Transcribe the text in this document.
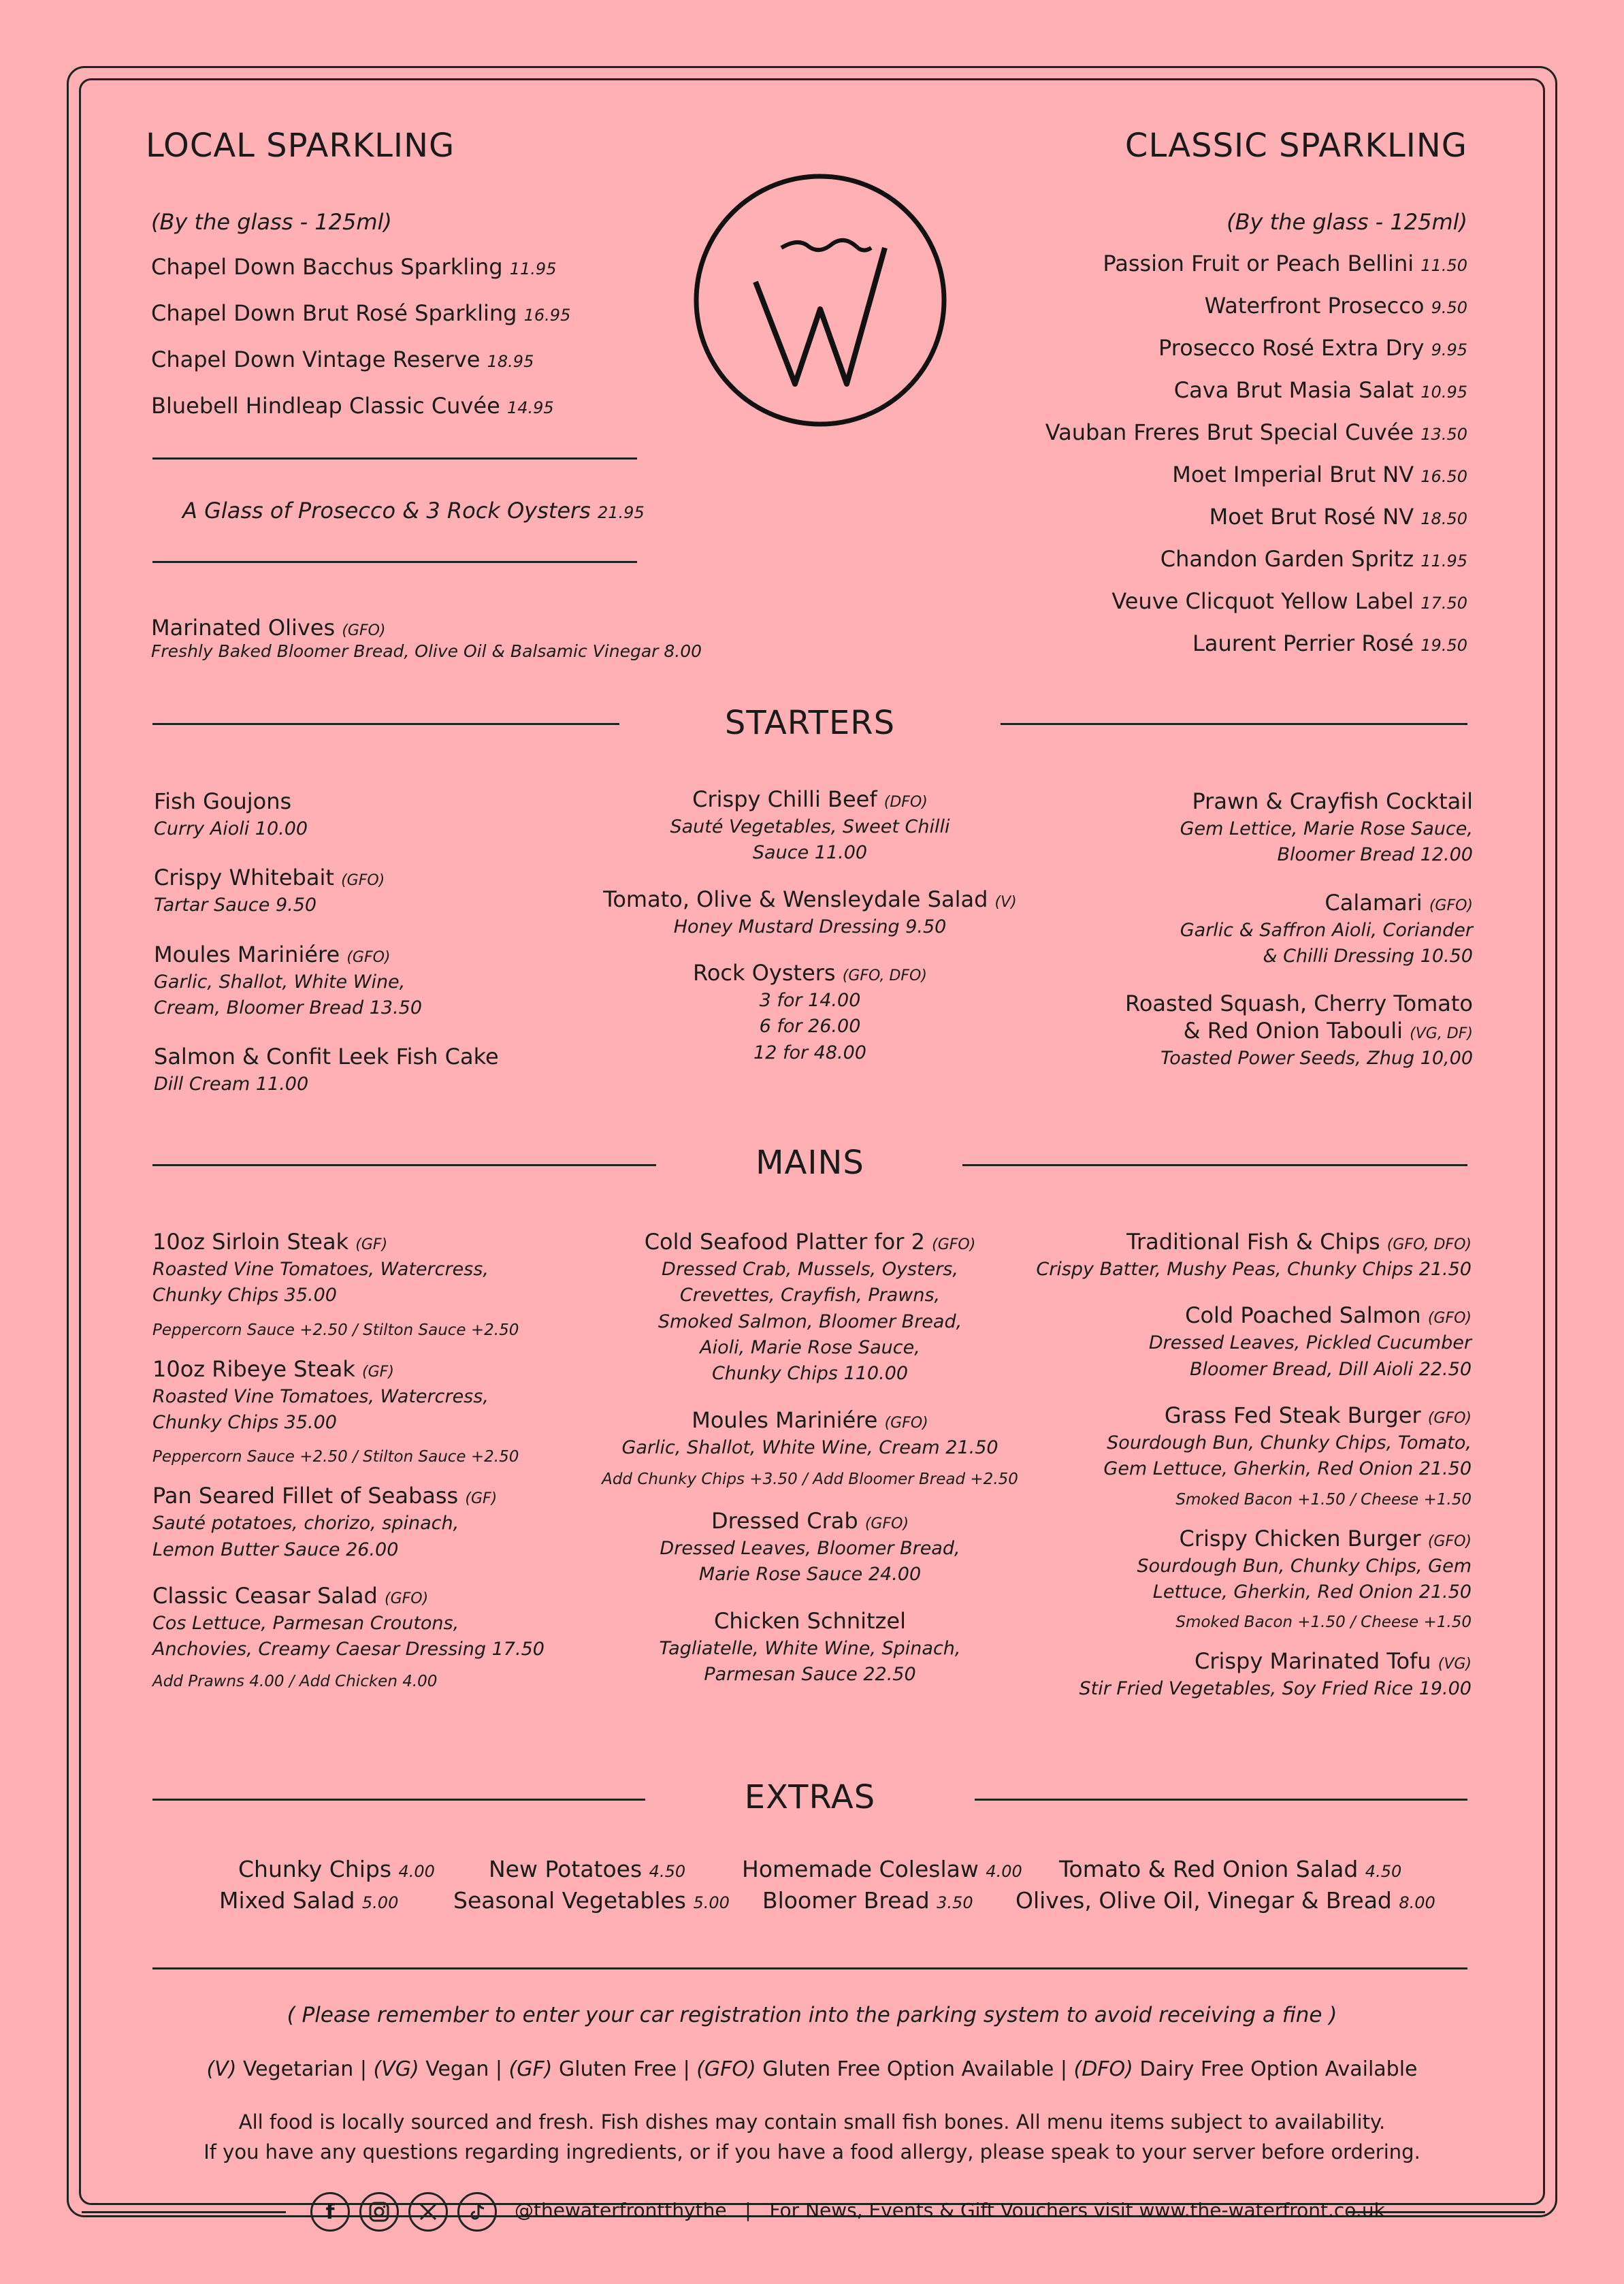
LOCAL SPARKLING
(By the glass - 125ml)
Chapel Down Bacchus Sparkling 11.95
Chapel Down Brut Rosé Sparkling 16.95
Chapel Down Vintage Reserve 18.95
Bluebell Hindleap Classic Cuvée 14.95
A Glass of Prosecco & 3 Rock Oysters 21.95
Marinated Olives (GFO)
Freshly Baked Bloomer Bread, Olive Oil & Balsamic Vinegar 8.00
CLASSIC SPARKLING
(By the glass - 125ml)
Passion Fruit or Peach Bellini 11.50
Waterfront Prosecco 9.50
Prosecco Rosé Extra Dry 9.95
Cava Brut Masia Salat 10.95
Vauban Freres Brut Special Cuvée 13.50
Moet Imperial Brut NV 16.50
Moet Brut Rosé NV 18.50
Chandon Garden Spritz 11.95
Veuve Clicquot Yellow Label 17.50
Laurent Perrier Rosé 19.50
STARTERS
Fish Goujons
Curry Aioli 10.00
Crispy Whitebait (GFO)
Tartar Sauce 9.50
Moules Mariniére (GFO)
Garlic, Shallot, White Wine,
Cream, Bloomer Bread 13.50
Salmon & Confit Leek Fish Cake
Dill Cream 11.00
Crispy Chilli Beef (DFO)
Sauté Vegetables, Sweet Chilli
Sauce 11.00
Tomato, Olive & Wensleydale Salad (V)
Honey Mustard Dressing 9.50
Rock Oysters (GFO, DFO)
3 for 14.00
6 for 26.00
12 for 48.00
Prawn & Crayfish Cocktail
Gem Lettice, Marie Rose Sauce,
Bloomer Bread 12.00
Calamari (GFO)
Garlic & Saffron Aioli, Coriander
& Chilli Dressing 10.50
Roasted Squash, Cherry Tomato
& Red Onion Tabouli (VG, DF)
Toasted Power Seeds, Zhug 10,00
MAINS
10oz Sirloin Steak (GF)
Roasted Vine Tomatoes, Watercress,
Chunky Chips 35.00
Peppercorn Sauce +2.50 / Stilton Sauce +2.50
10oz Ribeye Steak (GF)
Roasted Vine Tomatoes, Watercress,
Chunky Chips 35.00
Peppercorn Sauce +2.50 / Stilton Sauce +2.50
Pan Seared Fillet of Seabass (GF)
Sauté potatoes, chorizo, spinach,
Lemon Butter Sauce 26.00
Classic Ceasar Salad (GFO)
Cos Lettuce, Parmesan Croutons,
Anchovies, Creamy Caesar Dressing 17.50
Add Prawns 4.00 / Add Chicken 4.00
Cold Seafood Platter for 2 (GFO)
Dressed Crab, Mussels, Oysters,
Crevettes, Crayfish, Prawns,
Smoked Salmon, Bloomer Bread,
Aioli, Marie Rose Sauce,
Chunky Chips 110.00
Moules Mariniére (GFO)
Garlic, Shallot, White Wine, Cream 21.50
Add Chunky Chips +3.50 / Add Bloomer Bread +2.50
Dressed Crab (GFO)
Dressed Leaves, Bloomer Bread,
Marie Rose Sauce 24.00
Chicken Schnitzel
Tagliatelle, White Wine, Spinach,
Parmesan Sauce 22.50
Traditional Fish & Chips (GFO, DFO)
Crispy Batter, Mushy Peas, Chunky Chips 21.50
Cold Poached Salmon (GFO)
Dressed Leaves, Pickled Cucumber
Bloomer Bread, Dill Aioli 22.50
Grass Fed Steak Burger (GFO)
Sourdough Bun, Chunky Chips, Tomato,
Gem Lettuce, Gherkin, Red Onion 21.50
Smoked Bacon +1.50 / Cheese +1.50
Crispy Chicken Burger (GFO)
Sourdough Bun, Chunky Chips, Gem
Lettuce, Gherkin, Red Onion 21.50
Smoked Bacon +1.50 / Cheese +1.50
Crispy Marinated Tofu (VG)
Stir Fried Vegetables, Soy Fried Rice 19.00
EXTRAS
Chunky Chips 4.00 New Potatoes 4.50	Homemade Coleslaw 4.00 Tomato & Red Onion Salad 4.50
Mixed Salad 5.00 Seasonal Vegetables 5.00 Bloomer Bread 3.50 Olives, Olive Oil, Vinegar & Bread 8.00
( Please remember to enter your car registration into the parking system to avoid receiving a fine )
(V) Vegetarian | (VG) Vegan | (GF) Gluten Free | (GFO) Gluten Free Option Available | (DFO) Dairy Free Option Available
All food is locally sourced and fresh. Fish dishes may contain small fish bones. All menu items subject to availability.
If you have any questions regarding ingredients, or if you have a food allergy, please speak to your server before ordering.
f	@thewaterfrontthythe | For News, Events & Gift Vouchers visit www.the-waterfront.co.uk
